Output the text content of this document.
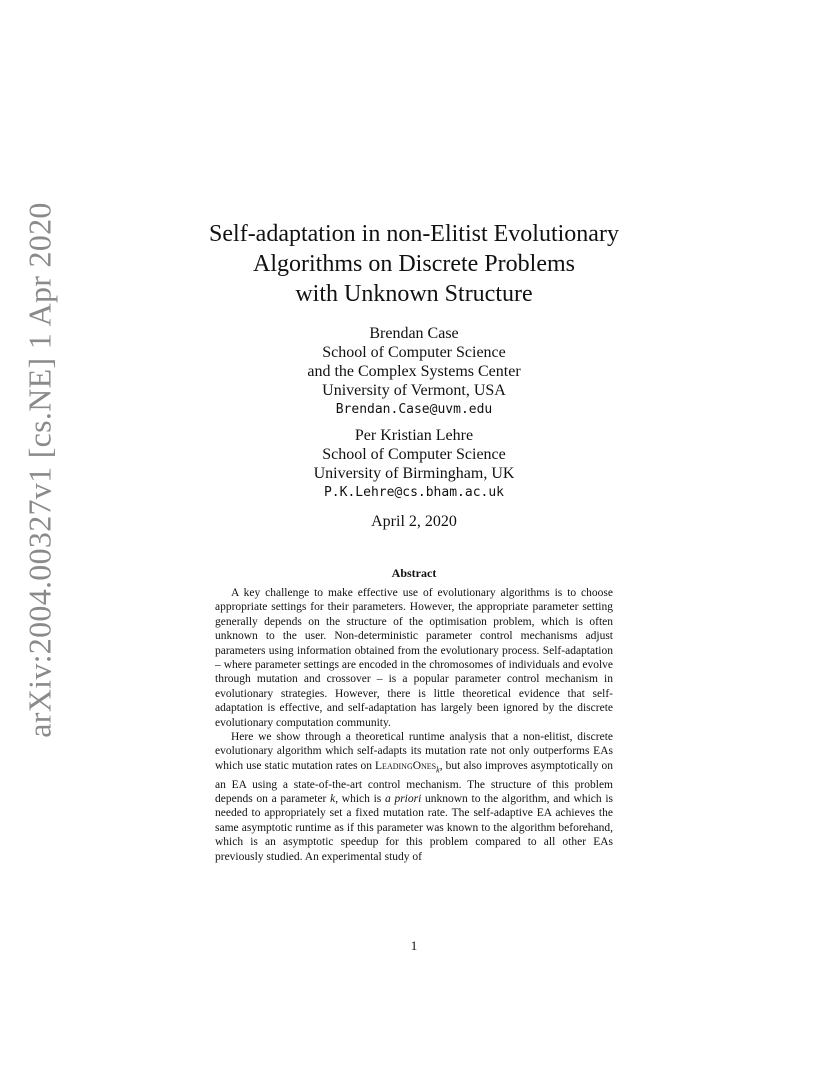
arXiv:2004.00327v1 [cs.NE] 1 Apr 2020	Self-adaptation in non-Elitist Evolutionary
Algorithms on Discrete Problems
with Unknown Structure
Brendan Case
School of Computer Science
and the Complex Systems Center
University of Vermont, USA
Brendan.Case@uvm.edu
Per Kristian Lehre
School of Computer Science
University of Birmingham, UK
P.K.Lehre@cs.bham.ac.uk
April 2, 2020
Abstract

A key challenge to make effective use of evolutionary algorithms is to choose appropriate settings for their parameters. However, the appropriate parameter setting generally depends on the structure of the optimisation problem, which is often unknown to the user. Non-deterministic parameter control mechanisms adjust parameters using information obtained from the evolutionary process. Self-adaptation – where parameter settings are encoded in the chromosomes of individuals and evolve through mutation and crossover – is a popular parameter control mechanism in evolutionary strategies. However, there is little theoretical evidence that self-adaptation is effective, and self-adaptation has largely been ignored by the discrete evolutionary computation community.

Here we show through a theoretical runtime analysis that a non-elitist, discrete evolutionary algorithm which self-adapts its mutation rate not only outperforms EAs which use static mutation rates on LeadingOnes$_k$, but also improves asymptotically on an EA using a state-of-the-art control mechanism. The structure of this problem depends on a parameter k, which is a priori unknown to the algorithm, and which is needed to appropriately set a fixed mutation rate. The self-adaptive EA achieves the same asymptotic runtime as if this parameter was known to the algorithm beforehand, which is an asymptotic speedup for this problem compared to all other EAs previously studied. An experimental study of

1
